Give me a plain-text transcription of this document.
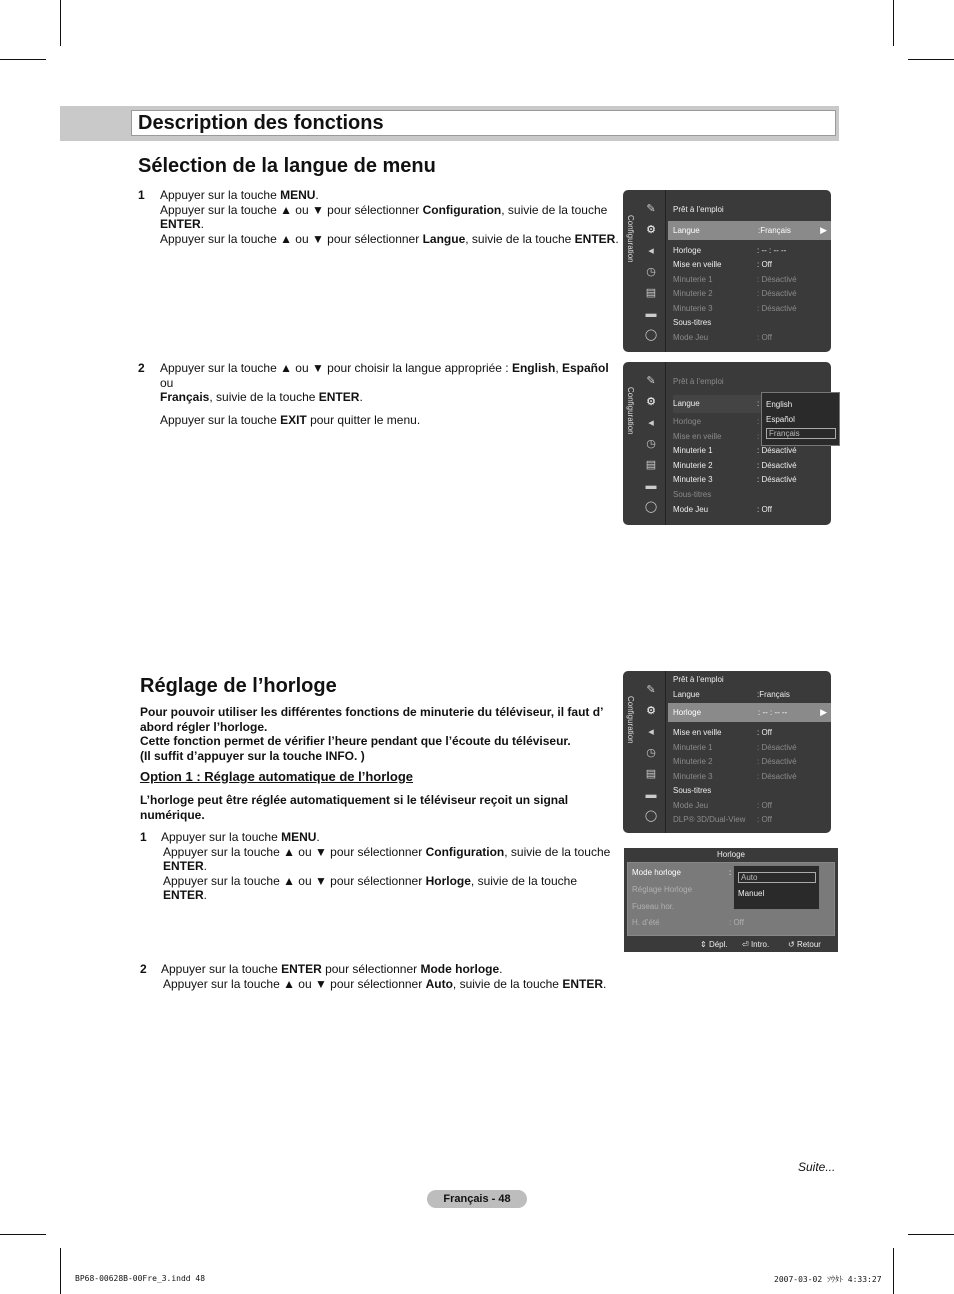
Description des fonctions
Sélection de la langue de menu
1 Appuyer sur la touche MENU.
Appuyer sur la touche ▲ ou ▼ pour sélectionner Configuration, suivie de la touche
ENTER.
Appuyer sur la touche ▲ ou ▼ pour sélectionner Langue, suivie de la touche ENTER.
2 Appuyer sur la touche ▲ ou ▼ pour choisir la langue appropriée : English, Español ou
Français, suivie de la touche ENTER.
Appuyer sur la touche EXIT pour quitter le menu.
Configuration
✎
⚙
◂
◷
▤
▬
◯
Prêt à l’emploi
Langue	:Français	▶
Horloge	: -- : -- --
Mise en veille	: Off
Minuterie 1	: Désactivé
Minuterie 2	: Désactivé
Minuterie 3	: Désactivé
Sous-titres
Mode Jeu	: Off
Configuration
✎
⚙
◂
◷
▤
▬
◯
Prêt à l’emploi
Langue	:
Horloge	:
Mise en veille	:
Minuterie 1	: Désactivé
Minuterie 2	: Désactivé
Minuterie 3	: Désactivé
Sous-titres
Mode Jeu	: Off
English
Español
Français
Réglage de l’horloge
Pour pouvoir utiliser les différentes fonctions de minuterie du téléviseur, il faut d’
abord régler l’horloge.
Cette fonction permet de vérifier l’heure pendant que l’écoute du téléviseur.
(Il suffit d’appuyer sur la touche INFO. )
Option 1 : Réglage automatique de l’horloge
L’horloge peut être réglée automatiquement si le téléviseur reçoit un signal
numérique.
1 Appuyer sur la touche MENU.
Appuyer sur la touche ▲ ou ▼ pour sélectionner Configuration, suivie de la touche
ENTER.
Appuyer sur la touche ▲ ou ▼ pour sélectionner Horloge, suivie de la touche ENTER.
2 Appuyer sur la touche ENTER pour sélectionner Mode horloge.
Appuyer sur la touche ▲ ou ▼ pour sélectionner Auto, suivie de la touche ENTER.
Configuration
✎
⚙
◂
◷
▤
▬
◯
Prêt à l’emploi
Langue	:Français
Horloge	: -- : -- --	▶
Mise en veille	: Off
Minuterie 1	: Désactivé
Minuterie 2	: Désactivé
Minuterie 3	: Désactivé
Sous-titres
Mode Jeu	: Off
DLP® 3D/Dual-View : Off
Horloge
Mode horloge	:
Réglage Horloge
Fuseau hor.
H. d’été	: Off
⇕ Dépl. ⏎ Intro. ↺ Retour
Auto
Manuel
Suite...
Français - 48
BP68-00628B-00Fre_3.indd 48	2007-03-02 ｿｳﾀﾄ 4:33:27
